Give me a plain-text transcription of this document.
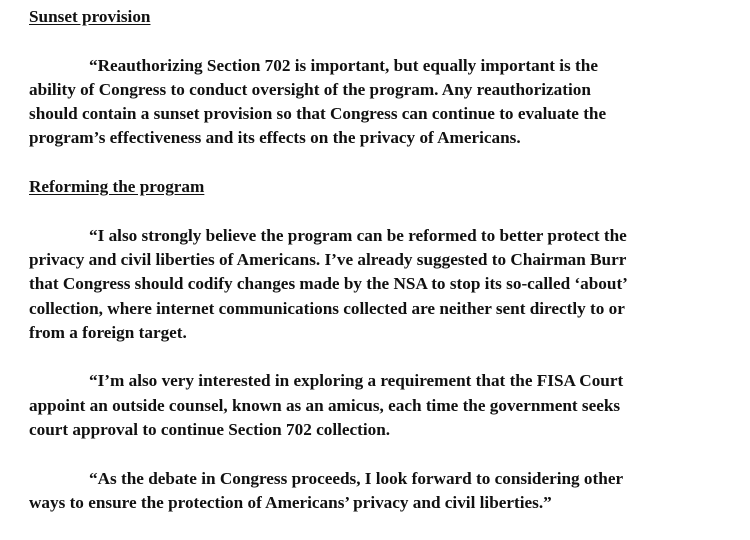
Sunset provision
“Reauthorizing Section 702 is important, but equally important is the
ability of Congress to conduct oversight of the program. Any reauthorization
should contain a sunset provision so that Congress can continue to evaluate the
program’s effectiveness and its effects on the privacy of Americans.
Reforming the program
“I also strongly believe the program can be reformed to better protect the
privacy and civil liberties of Americans. I’ve already suggested to Chairman Burr
that Congress should codify changes made by the NSA to stop its so-called ‘about’
collection, where internet communications collected are neither sent directly to or
from a foreign target.
“I’m also very interested in exploring a requirement that the FISA Court
appoint an outside counsel, known as an amicus, each time the government seeks
court approval to continue Section 702 collection.
“As the debate in Congress proceeds, I look forward to considering other
ways to ensure the protection of Americans’ privacy and civil liberties.”
